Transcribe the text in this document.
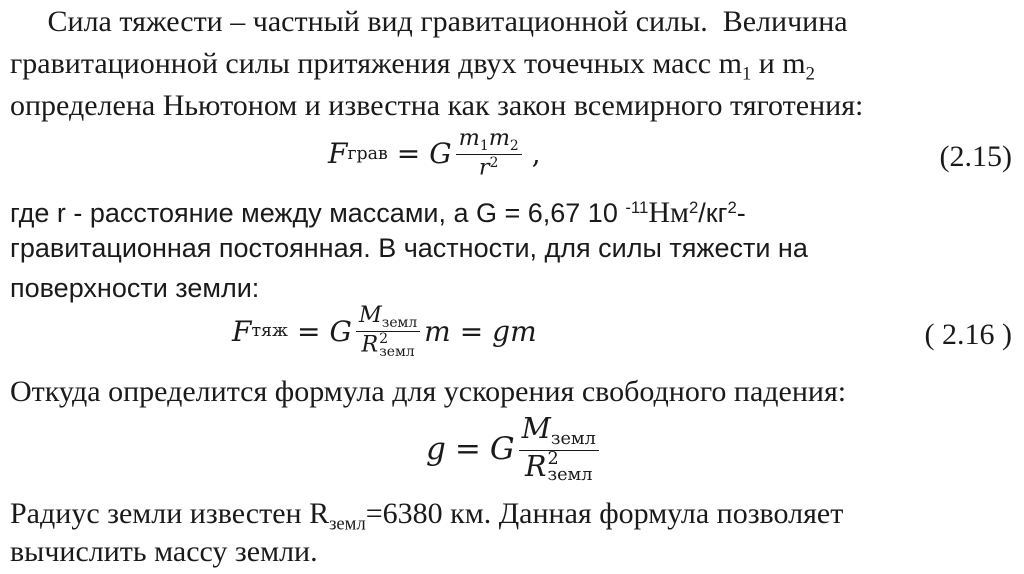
Сила тяжести – частный вид гравитационной силы.  Величина
гравитационной силы притяжения двух точечных масс $m_1$ и $m_2$
определена Ньютоном и известна как закон всемирного тяготения:
F грав = G $\frac{m_1m_2}{r^2}$ ,	(2.15)
где r - расстояние между массами, а G = 6,67 10 $^{-11}Нм^2/кг^2-$
гравитационная постоянная. В частности, для силы тяжести на
поверхности земли:
F тяж = G $M_{земл}$
R 2
земл m = gm	( 2.16 )
Откуда определится формула для ускорения свободного падения:
g = G $M_{земл}$
R 2
земл
Радиус земли известен $R_{земл}=6380$ км. Данная формула позволяет
вычислить массу земли.
